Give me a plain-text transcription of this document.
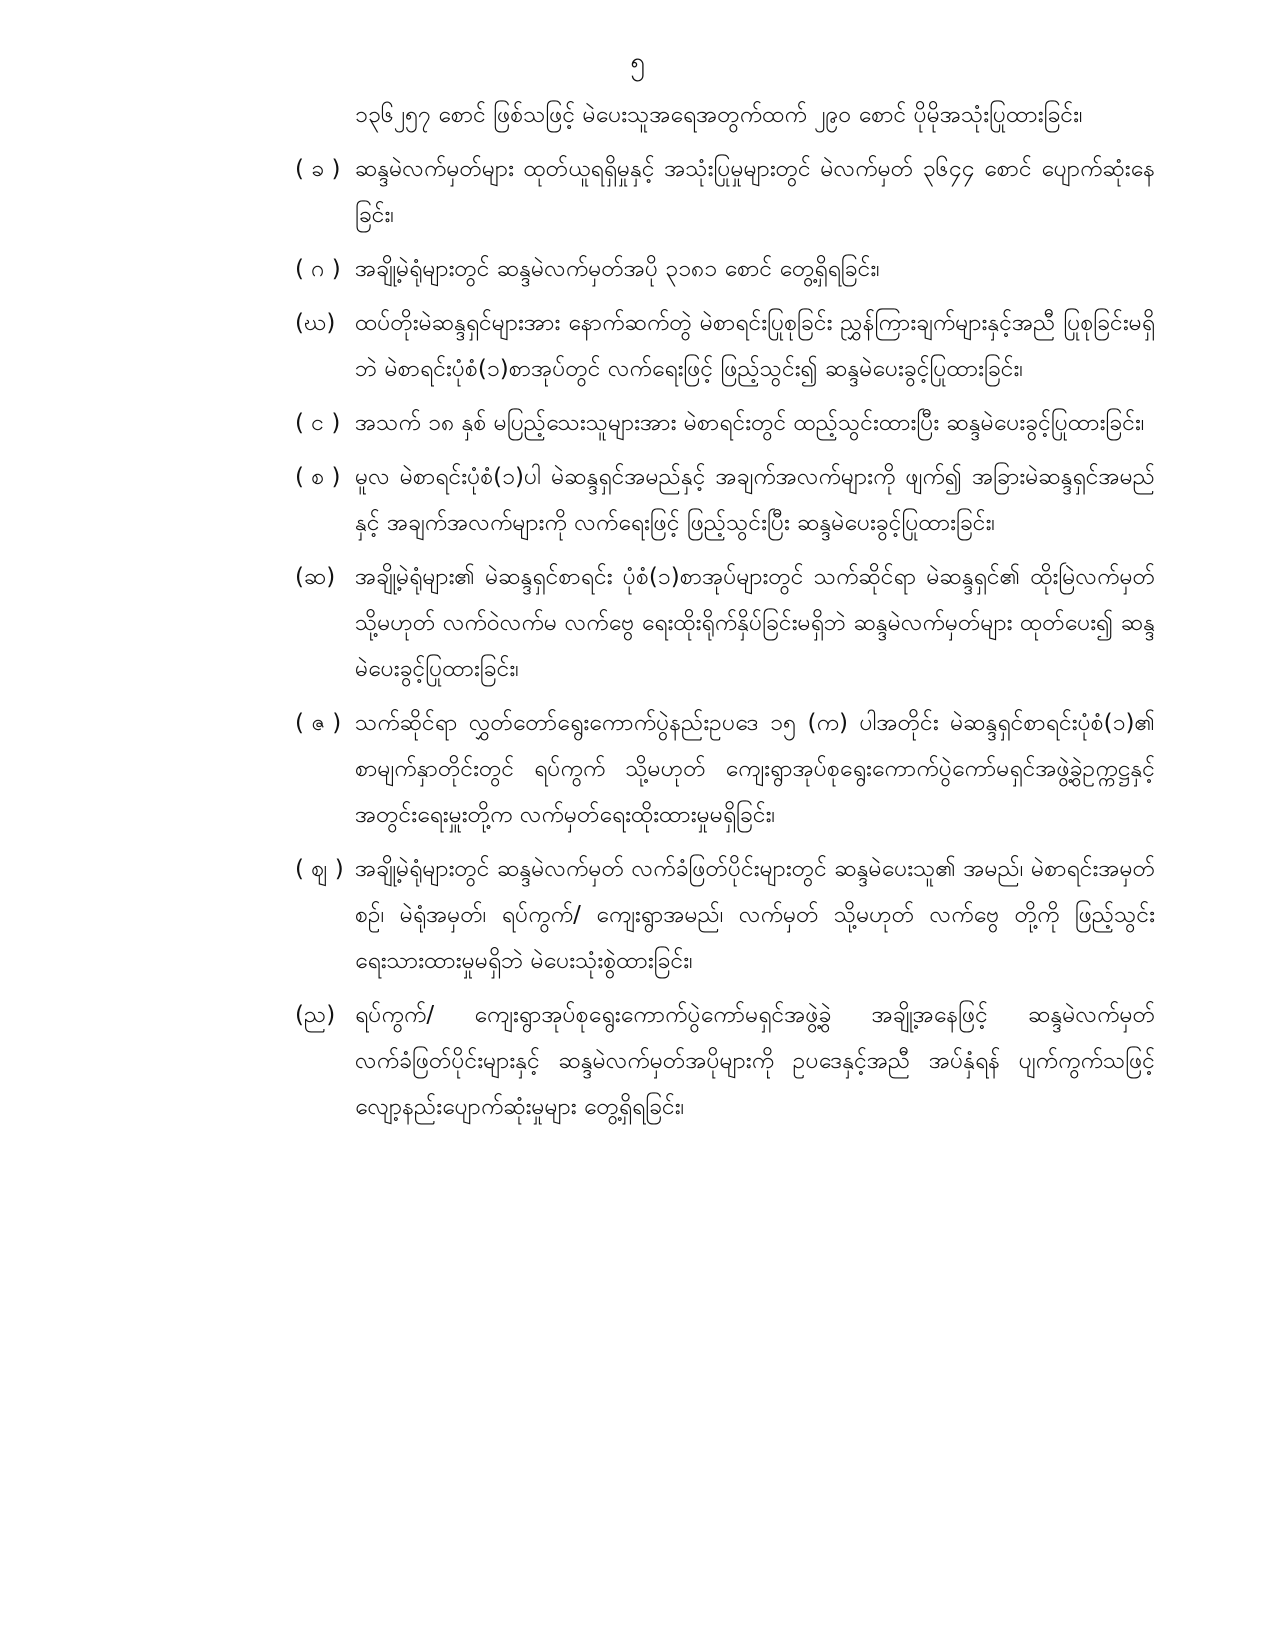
၅
၁၃၆၂၅၇ စောင် ဖြစ်သဖြင့် မဲပေးသူအရေအတွက်ထက် ၂၉၀ စောင် ပိုမိုအသုံးပြုထားခြင်း၊
( ခ ) ဆန္ဒမဲလက်မှတ်များ ထုတ်ယူရရှိမှုနှင့် အသုံးပြုမှုများတွင် မဲလက်မှတ် ၃၆၄၄ စောင် ပျောက်ဆုံးနေခြင်း၊
( ဂ ) အချို့မဲရုံများတွင် ဆန္ဒမဲလက်မှတ်အပို ၃၁၈၁ စောင် တွေ့ရှိရခြင်း၊
(ဃ) ထပ်တိုးမဲဆန္ဒရှင်များအား နောက်ဆက်တွဲ မဲစာရင်းပြုစုခြင်း ညွှန်ကြားချက်များနှင့်အညီ ပြုစုခြင်းမရှိဘဲ မဲစာရင်းပုံစံ(၁)စာအုပ်တွင် လက်ရေးဖြင့် ဖြည့်သွင်း၍ ဆန္ဒမဲပေးခွင့်ပြုထားခြင်း၊
( င ) အသက် ၁၈ နှစ် မပြည့်သေးသူများအား မဲစာရင်းတွင် ထည့်သွင်းထားပြီး ဆန္ဒမဲပေးခွင့်ပြုထားခြင်း၊
( စ ) မူလ မဲစာရင်းပုံစံ(၁)ပါ မဲဆန္ဒရှင်အမည်နှင့် အချက်အလက်များကို ဖျက်၍ အခြားမဲဆန္ဒရှင်အမည်နှင့် အချက်အလက်များကို လက်ရေးဖြင့် ဖြည့်သွင်းပြီး ဆန္ဒမဲပေးခွင့်ပြုထားခြင်း၊
(ဆ) အချို့မဲရုံများ၏ မဲဆန္ဒရှင်စာရင်း ပုံစံ(၁)စာအုပ်များတွင် သက်ဆိုင်ရာ မဲဆန္ဒရှင်၏ ထိုးမြဲလက်မှတ် သို့မဟုတ် လက်ဝဲလက်မ လက်ဗွေ ရေးထိုးရိုက်နှိပ်ခြင်းမရှိဘဲ ဆန္ဒမဲလက်မှတ်များ ထုတ်ပေး၍ ဆန္ဒမဲပေးခွင့်ပြုထားခြင်း၊
( ဇ ) သက်ဆိုင်ရာ လွှတ်တော်ရွေးကောက်ပွဲနည်းဥပဒေ ၁၅ (က) ပါအတိုင်း မဲဆန္ဒရှင်စာရင်းပုံစံ(၁)၏ စာမျက်နှာတိုင်းတွင် ရပ်ကွက် သို့မဟုတ် ကျေးရွာအုပ်စုရွေးကောက်ပွဲကော်မရှင်အဖွဲ့ခွဲဥက္ကဋ္ဌနှင့် အတွင်းရေးမှူးတို့က လက်မှတ်ရေးထိုးထားမှုမရှိခြင်း၊
( ဈ ) အချို့မဲရုံများတွင် ဆန္ဒမဲလက်မှတ် လက်ခံဖြတ်ပိုင်းများတွင် ဆန္ဒမဲပေးသူ၏ အမည်၊ မဲစာရင်းအမှတ်စဉ်၊ မဲရုံအမှတ်၊ ရပ်ကွက်/ ကျေးရွာအမည်၊ လက်မှတ် သို့မဟုတ် လက်ဗွေ တို့ကို ဖြည့်သွင်းရေးသားထားမှုမရှိဘဲ မဲပေးသုံးစွဲထားခြင်း၊
(ည) ရပ်ကွက်/ ကျေးရွာအုပ်စုရွေးကောက်ပွဲကော်မရှင်အဖွဲ့ခွဲ အချို့အနေဖြင့် ဆန္ဒမဲလက်မှတ်လက်ခံဖြတ်ပိုင်းများနှင့် ဆန္ဒမဲလက်မှတ်အပိုများကို ဥပဒေနှင့်အညီ အပ်နှံရန် ပျက်ကွက်သဖြင့် လျော့နည်းပျောက်ဆုံးမှုများ တွေ့ရှိရခြင်း၊
